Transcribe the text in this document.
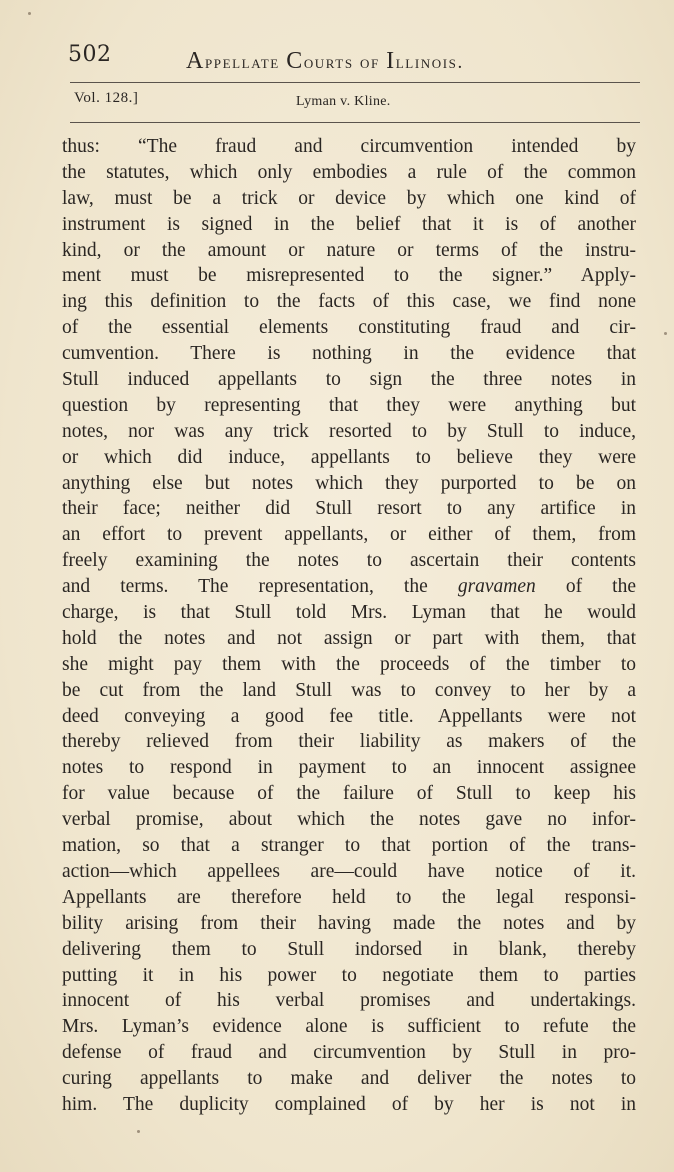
502	Appellate Courts of Illinois.
Vol. 128.]	Lyman v. Kline.
thus: “The fraud and circumvention intended by
the statutes, which only embodies a rule of the common
law, must be a trick or device by which one kind of
instrument is signed in the belief that it is of another
kind, or the amount or nature or terms of the instru-
ment must be misrepresented to the signer.” Apply-
ing this definition to the facts of this case, we find none
of the essential elements constituting fraud and cir-
cumvention. There is nothing in the evidence that
Stull induced appellants to sign the three notes in
question by representing that they were anything but
notes, nor was any trick resorted to by Stull to induce,
or which did induce, appellants to believe they were
anything else but notes which they purported to be on
their face; neither did Stull resort to any artifice in
an effort to prevent appellants, or either of them, from
freely examining the notes to ascertain their contents
and terms. The representation, the gravamen of the
charge, is that Stull told Mrs. Lyman that he would
hold the notes and not assign or part with them, that
she might pay them with the proceeds of the timber to
be cut from the land Stull was to convey to her by a
deed conveying a good fee title. Appellants were not
thereby relieved from their liability as makers of the
notes to respond in payment to an innocent assignee
for value because of the failure of Stull to keep his
verbal promise, about which the notes gave no infor-
mation, so that a stranger to that portion of the trans-
action—which appellees are—could have notice of it.
Appellants are therefore held to the legal responsi-
bility arising from their having made the notes and by
delivering them to Stull indorsed in blank, thereby
putting it in his power to negotiate them to parties
innocent of his verbal promises and undertakings.
Mrs. Lyman’s evidence alone is sufficient to refute the
defense of fraud and circumvention by Stull in pro-
curing appellants to make and deliver the notes to
him. The duplicity complained of by her is not in
